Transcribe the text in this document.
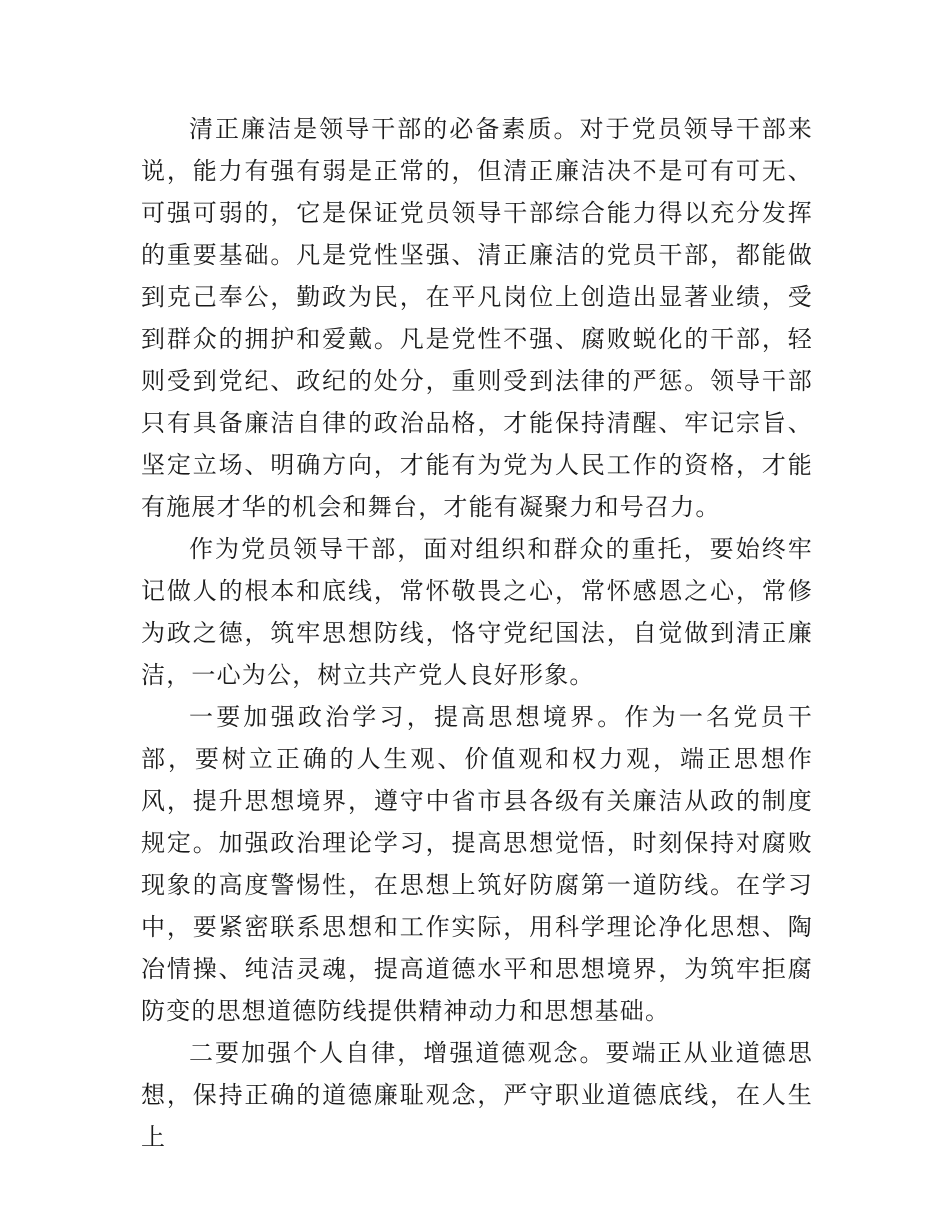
清正廉洁是领导干部的必备素质。对于党员领导干部来说，能力有强有弱是正常的，但清正廉洁决不是可有可无、可强可弱的，它是保证党员领导干部综合能力得以充分发挥的重要基础。凡是党性坚强、清正廉洁的党员干部，都能做到克己奉公，勤政为民，在平凡岗位上创造出显著业绩，受到群众的拥护和爱戴。凡是党性不强、腐败蜕化的干部，轻则受到党纪、政纪的处分，重则受到法律的严惩。领导干部只有具备廉洁自律的政治品格，才能保持清醒、牢记宗旨、坚定立场、明确方向，才能有为党为人民工作的资格，才能有施展才华的机会和舞台，才能有凝聚力和号召力。

作为党员领导干部，面对组织和群众的重托，要始终牢记做人的根本和底线，常怀敬畏之心，常怀感恩之心，常修为政之德，筑牢思想防线，恪守党纪国法，自觉做到清正廉洁，一心为公，树立共产党人良好形象。

一要加强政治学习，提高思想境界。作为一名党员干部，要树立正确的人生观、价值观和权力观，端正思想作风，提升思想境界，遵守中省市县各级有关廉洁从政的制度规定。加强政治理论学习，提高思想觉悟，时刻保持对腐败现象的高度警惕性，在思想上筑好防腐第一道防线。在学习中，要紧密联系思想和工作实际，用科学理论净化思想、陶冶情操、纯洁灵魂，提高道德水平和思想境界，为筑牢拒腐防变的思想道德防线提供精神动力和思想基础。

二要加强个人自律，增强道德观念。要端正从业道德思想，保持正确的道德廉耻观念，严守职业道德底线，在人生上
